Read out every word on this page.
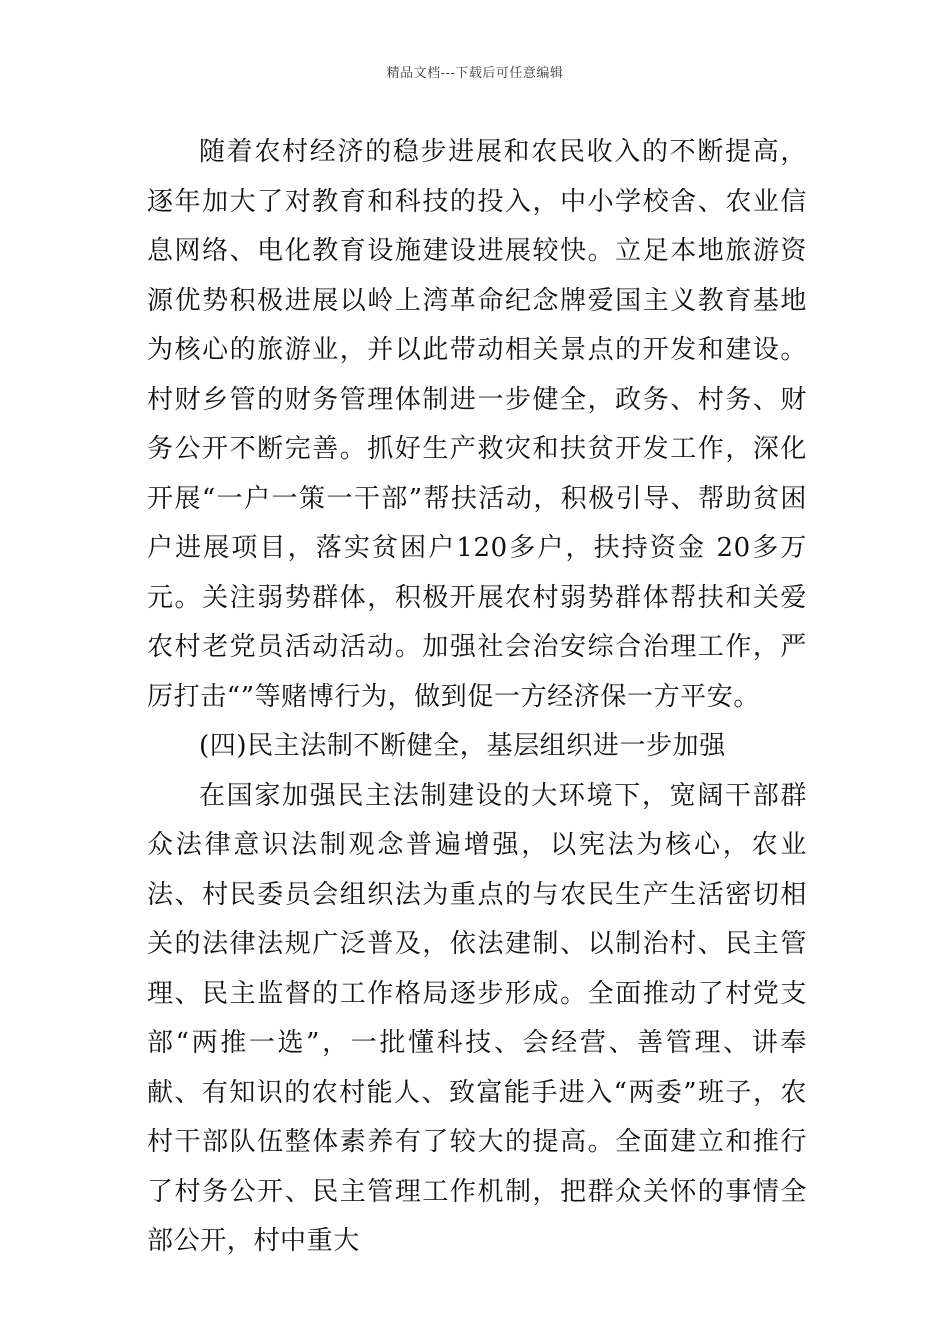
精品文档---下载后可任意编辑

随着农村经济的稳步进展和农民收入的不断提高，逐年加大了对教育和科技的投入，中小学校舍、农业信息网络、电化教育设施建设进展较快。立足本地旅游资源优势积极进展以岭上湾革命纪念牌爱国主义教育基地为核心的旅游业，并以此带动相关景点的开发和建设。村财乡管的财务管理体制进一步健全，政务、村务、财务公开不断完善。抓好生产救灾和扶贫开发工作，深化开展“一户一策一干部”帮扶活动，积极引导、帮助贫困户进展项目，落实贫困户120多户，扶持资金 20多万元。关注弱势群体，积极开展农村弱势群体帮扶和关爱农村老党员活动活动。加强社会治安综合治理工作，严厉打击“”等赌博行为，做到促一方经济保一方平安。

(四)民主法制不断健全，基层组织进一步加强

在国家加强民主法制建设的大环境下，宽阔干部群众法律意识法制观念普遍增强，以宪法为核心，农业法、村民委员会组织法为重点的与农民生产生活密切相关的法律法规广泛普及，依法建制、以制治村、民主管理、民主监督的工作格局逐步形成。全面推动了村党支部“两推一选”，一批懂科技、会经营、善管理、讲奉献、有知识的农村能人、致富能手进入“两委”班子，农村干部队伍整体素养有了较大的提高。全面建立和推行了村务公开、民主管理工作机制，把群众关怀的事情全部公开，村中重大
